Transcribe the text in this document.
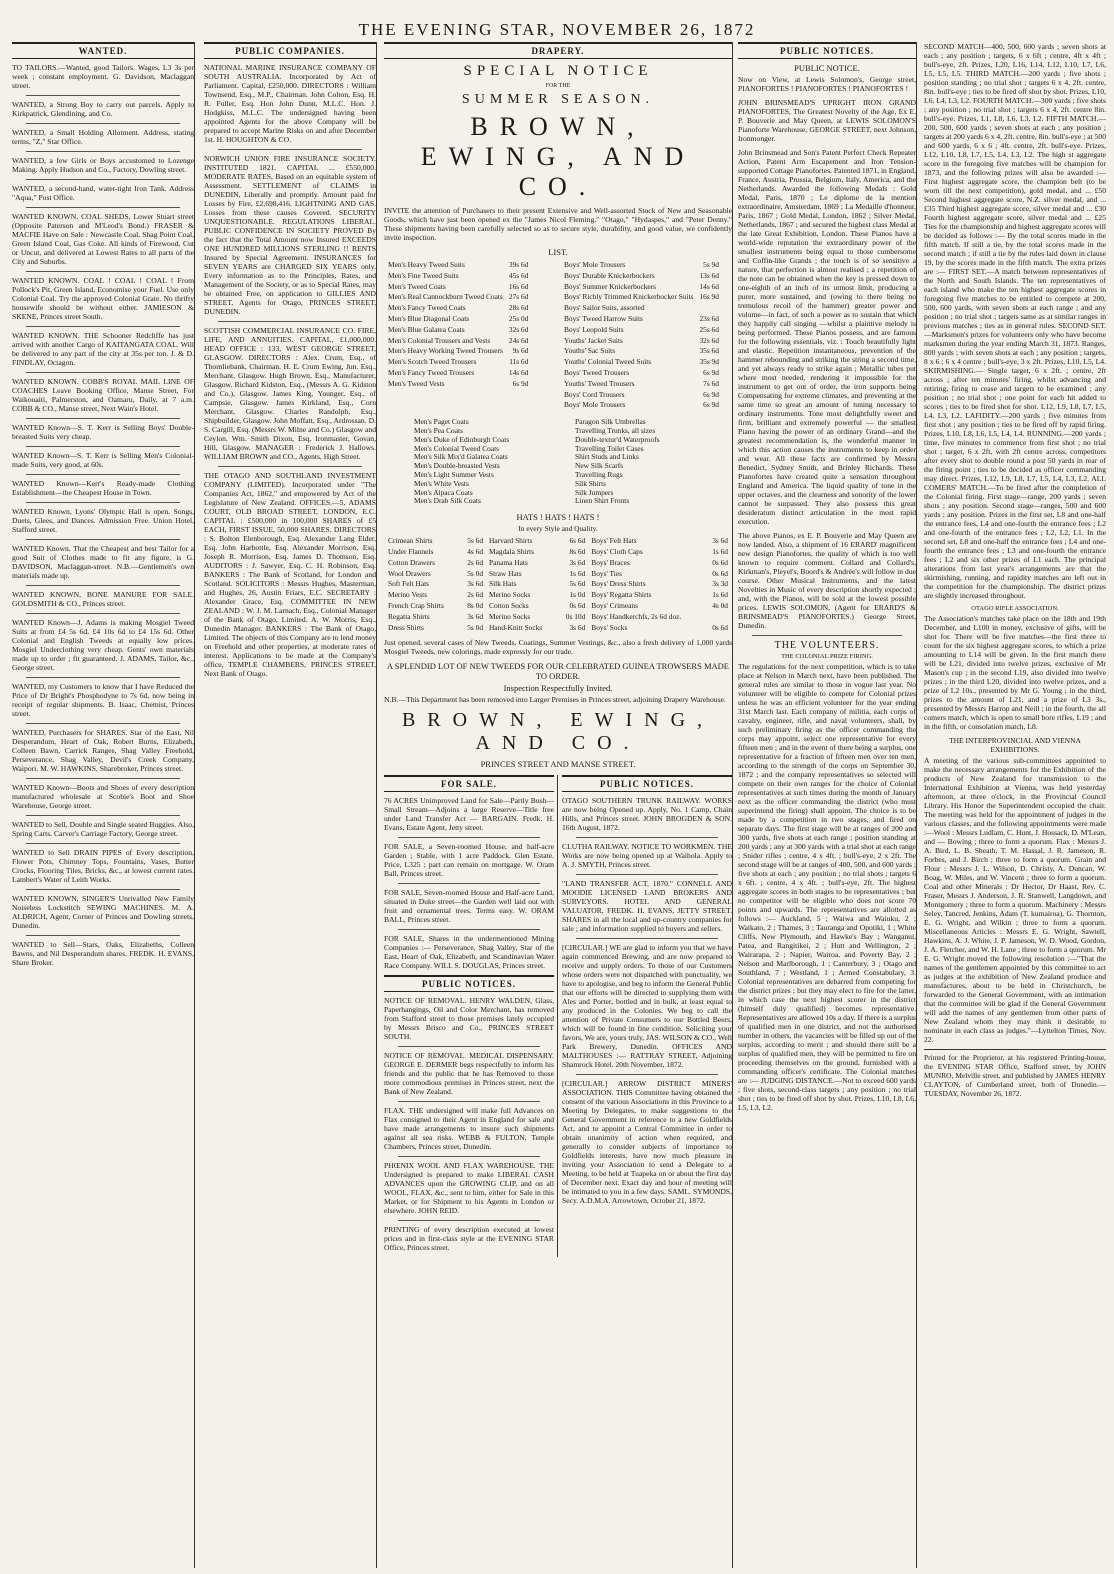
THE EVENING STAR, NOVEMBER 26, 1872
WANTED.
TO TAILORS.—Wanted, good Tailors. Wages, L3 3s per week ; constant employment. G. Davidson, Maclaggan street.
WANTED, a Strong Boy to carry out parcels. Apply to Kirkpatrick, Glendining, and Co.
WANTED, a Small Holding Allotment. Address, stating terms, "Z," Star Office.
WANTED, a few Girls or Boys accustomed to Lozenge Making. Apply Hudson and Co., Factory, Dowling street.
WANTED, a second-hand, water-tight Iron Tank. Address "Aqua," Post Office.
WANTED KNOWN. COAL SHEDS, Lower Stuart street (Opposite Paterson and M'Leod's Bond.) FRASER & MACFIE Have on Sale : Newcastle Coal, Shag Point Coal, Green Island Coal, Gas Coke. All kinds of Firewood, Cut or Uncut, and delivered at Lowest Rates to all parts of the City and Suburbs.
WANTED KNOWN. COAL ! COAL ! COAL ! From Pollock's Pit, Green Island, Economise your Fuel. Use only Colonial Coal. Try the approved Colonial Grate. No thrifty housewife should be without either. JAMIESON & SKENE, Princes street South.
WANTED KNOWN. THE Schooner Redcliffe has just arrived with another Cargo of KAITANGATA COAL. Will be delivered to any part of the city at 35s per ton. J. & D. FINDLAY, Octagon.
WANTED KNOWN. COBB'S ROYAL MAIL LINE OF COACHES Leave Booking Office, Manse Street, For Waikouaiti, Palmerston, and Oamaru, Daily, at 7 a.m. COBB & CO., Manse street, Next Wain's Hotel.
WANTED Known—S. T. Kerr is Selling Boys' Double-breasted Suits very cheap.
WANTED Known—S. T. Kerr is Selling Men's Colonial-made Suits, very good, at 60s.
WANTED Known—Kerr's Ready-made Clothing Establishment—the Cheapest House in Town.
WANTED Known, Lyons' Olympic Hall is open. Songs, Duets, Glees, and Dances. Admission Free. Union Hotel, Stafford street.
WANTED Known. That the Cheapest and best Tailor for a good Suit of Clothes made to fit any figure, is G. DAVIDSON, Maclaggan-street. N.B.—Gentlemen's own materials made up.
WANTED KNOWN, BONE MANURE FOR SALE. GOLDSMITH & CO., Princes street.
WANTED Known—J. Adams is making Mosgiel Tweed Suits at from £4 5s 6d, £4 10s 6d to £4 15s 6d. Other Colonial and English Tweeds at equally low prices. Mosgiel Underclothing very cheap. Gents' own materials made up to order ; fit guaranteed. J. ADAMS, Tailor, &c., George street.
WANTED, my Customers to know that I have Reduced the Price of Dr Bright's Phosphodyne to 7s 6d, now being in receipt of regular shipments. B. Isaac, Chemist, Princes street.
WANTED, Purchasers for SHARES. Star of the East, Nil Desperandum, Heart of Oak, Robert Burns, Elizabeth, Colleen Bawn, Carrick Ranges, Shag Valley Freehold, Perseverance, Shag Valley, Devil's Creek Company, Waipori. M. W. HAWKINS, Sharebroker, Princes street.
WANTED Known—Boots and Shoes of every description manufactured wholesale at Scobie's Boot and Shoe Warehouse, George street.
WANTED to Sell, Double and Single seated Buggies. Also, Spring Carts. Carver's Carriage Factory, George street.
WANTED to Sell DRAIN PIPES of Every description, Flower Pots, Chimney Tops, Fountains, Vases, Butter Crocks, Flooring Tiles, Bricks, &c., at lowest current rates. Lambert's Water of Leith Works.
WANTED KNOWN, SINGER'S Unrivalled New Family Noiseless Lockstitch SEWING MACHINES. M. A. ALDRICH, Agent, Corner of Princes and Dowling streets, Dunedin.
WANTED to Sell—Stars, Oaks, Elizabeths, Colleen Bawns, and Nil Desperandum shares. FREDK. H. EVANS, Share Broker.
PUBLIC COMPANIES.
NATIONAL MARINE INSURANCE COMPANY OF SOUTH AUSTRALIA. Incorporated by Act of Parliament. Capital, £250,000. DIRECTORS : William Townsend, Esq., M.P., Chairman. John Colton, Esq. H. R. Fuller, Esq. Hon John Dunn, M.L.C. Hon. J. Hodgkiss, M.L.C. The undersigned having been appointed Agents for the above Company will be prepared to accept Marine Risks on and after December 1st. H. HOUGHTON & CO.
NORWICH UNION FIRE INSURANCE SOCIETY. INSTITUTED 1821. CAPITAL ... £550,000. MODERATE RATES, Based on an equitable system of Assessment. SETTLEMENT of CLAIMS in DUNEDIN, Liberally and promptly. Amount paid for Losses by Fire, £2,698,416. LIGHTNING AND GAS. Losses from these causes Covered. SECURITY UNQUESTIONABLE. REGULATIONS LIBERAL. PUBLIC CONFIDENCE IN SOCIETY PROVED By the fact that the Total Amount now Insured EXCEEDS ONE HUNDRED MILLIONS STERLING !! RENTS Insured by Special Agreement. INSURANCES for SEVEN YEARS are CHARGED SIX YEARS only. Every information as to the Principles, Rates, and Management of the Society, or as to Special Rates, may be obtained Free, on application to GILLIES AND STREET, Agents for Otago, PRINCES STREET, DUNEDIN.
SCOTTISH COMMERCIAL INSURANCE CO. FIRE, LIFE, AND ANNUITIES. CAPITAL, £1,000,000. HEAD OFFICE : 133, WEST GEORGE STREET, GLASGOW. DIRECTORS : Alex. Crum, Esq., of Thornliebank, Chairman. H. E. Crum Ewing, Jun. Esq., Merchant, Glasgow. Hugh Brown, Esq., Manufacturer, Glasgow. Richard Kidston, Esq., (Messrs A. G. Kidston and Co.), Glasgow. James King, Younger, Esq., of Campsie, Glasgow. James Kirkland, Esq., Corn Merchant, Glasgow. Charles Randolph, Esq., Shipbuilder, Glasgow. John Moffatt, Esq., Ardrossan. D. S. Cargill, Esq. (Messrs W. Milne and Co.) Glasgow and Ceylon. Wm. Smith Dixon, Esq, Ironmaster, Govan, Hill, Glasgow. MANAGER : Frederick J. Hallows. WILLIAM BROWN and CO., Agents, High Street.
THE OTAGO AND SOUTHLAND INVESTMENT COMPANY (LIMITED). Incorporated under "The Companies Act, 1862," and empowered by Act of the Legislature of New Zealand. OFFICES.—5, ADAMS COURT, OLD BROAD STREET, LONDON, E.C. CAPITAL : £500,000 in 100,000 SHARES of £5 EACH, FIRST ISSUE, 50,000 SHARES. DIRECTORS : S. Bolton Elenborough, Esq. Alexander Lang Elder, Esq. John Harbottle, Esq. Alexander Morrison, Esq. Joseph R. Morrison, Esq. James D. Thomson, Esq. AUDITORS : J. Sawyer, Esq. C. H. Robinson, Esq. BANKERS : The Bank of Scotland, for London and Scotland. SOLICITORS : Messrs Hughes, Masterman, and Hughes, 26, Austin Friars, E.C. SECRETARY : Alexander Grace, Esq. COMMITTEE IN NEW ZEALAND : W. J. M. Larnach, Esq., Colonial Manager of the Bank of Otago, Limited. A. W. Morris, Esq., Dunedin Manager. BANKERS : The Bank of Otago, Limited. The objects of this Company are to lend money on Freehold and other properties, at moderate rates of interest. Applications to be made at the Company's office, TEMPLE CHAMBERS, PRINCES STREET, Next Bank of Otago.
DRAPERY.
SPECIAL NOTICE
FOR THE
SUMMER SEASON.
BROWN, EWING, AND CO.
INVITE the attention of Purchasers to their present Extensive and Well-assorted Stock of New and Seasonable Goods, which have just been opened ex the "James Nicol Fleming," "Otago," "Hydaspes," and "Peter Denny." These shipments having been carefully selected so as to secure style, durability, and good value, we confidently invite inspection.
LIST.
Men's Heavy Tweed Suits	39s 6d
Men's Fine Tweed Suits	45s 6d
Men's Tweed Coats	16s 6d
Men's Real Cannockburn Tweed Coats	27s 6d
Men's Fancy Tweed Coats	28s 6d
Men's Blue Diagonal Coats	25s 0d
Men's Blue Galatea Coats	32s 6d
Men's Colonial Trousers and Vests	24s 6d
Men's Heavy Working Tweed Trousers	9s 6d
Men's Scotch Tweed Trousers	11s 6d
Men's Fancy Tweed Trousers	14s 6d
Men's Tweed Vests	6s 9d
Boys' Mole Trousers	5s 9d
Boys' Durable Knickerbockers	13s 6d
Boys' Summer Knickerbockers	14s 6d
Boys' Richly Trimmed Knickerbocker Suits	16s 9d
Boys' Sailor Suits, assorted	
Boys' Tweed Harrow Suits	23s 6d
Boys' Leopold Suits	25s 6d
Youths' Jacket Suits	32s 6d
Youths' Sac Suits	35s 6d
Youths' Colonial Tweed Suits	35s 9d
Boys' Tweed Trousers	6s 9d
Youths' Tweed Trousers	7s 6d
Boys' Cord Trousers	6s 9d
Boys' Mole Trousers	6s 9d
Men's Paget Coats
Men's Pea Coats
Men's Duke of Edinburgh Coats
Men's Colonial Tweed Coats
Men's Silk Mix'd Galatea Coats
Men's Double-breasted Vests
Men's Light Summer Vests
Men's White Vests
Men's Alpaca Coats
Men's Drab Silk Coats
Paragon Silk Umbrellas
Travelling Trunks, all sizes
Double-textur'd Waterproofs
Travelling Toilet Cases
Shirt Studs and Links
New Silk Scarfs
Travelling Rugs
Silk Shirts
Silk Jumpers
Linen Shirt Fronts
HATS ! HATS ! HATS !
In every Style and Quality.
Crimean Shirts	5s 6d	Harvard Shirts	6s 6d	Boys' Felt Hats	3s 6d
Under Flannels	4s 6d	Magdala Shirts	8s 6d	Boys' Cloth Caps	1s 6d
Cotton Drawers	2s 6d	Panama Hats	3s 6d	Boys' Braces	0s 6d
Wool Drawers	5s 0d	Straw Hats	1s 6d	Boys' Ties	0s 6d
Soft Felt Hats	3s 6d	Silk Hats	5s 6d	Boys' Dress Shirts	3s 3d
Merino Vests	2s 6d	Merino Socks	1s 0d	Boys' Regatta Shirts	1s 6d
French Crap Shirts	8s 0d	Cotton Socks	0s 6d	Boys' Crimeans	4s 0d
Regatta Shirts	3s 6d	Merino Socks	0s 10d	Boys' Handkerchfs, 2s 6d doz.	
Dress Shirts	5s 0d	Hand-Knitt Socks	3s 6d	Boys' Socks	0s 6d
Just opened, several cases of New Tweeds, Coatings, Summer Vestings, &c., also a fresh delivery of 1,000 yards Mosgiel Tweeds, new colorings, made expressly for our trade.
A SPLENDID LOT OF NEW TWEEDS FOR OUR CELEBRATED GUINEA TROWSERS MADE TO ORDER.
Inspection Respectfully Invited.
N.B.—This Department has been removed into Larger Premises in Princes street, adjoining Drapery Warehouse.
BROWN, EWING, AND CO.
PRINCES STREET AND MANSE STREET.
FOR SALE.
76 ACRES Unimproved Land for Sale—Partly Bush—Small Stream—Adjoins a large Reserve—Title free under Land Transfer Act — BARGAIN. Fredk. H. Evans, Estate Agent, Jetty street.
FOR SALE, a Seven-roomed House, and half-acre Garden ; Stable, with 1 acre Paddock. Glen Estate. Price, L325 ; part can remain on mortgage. W. Oram Ball, Princes street.
FOR SALE, Seven-roomed House and Half-acre Land, situated in Duke street—the Garden well laid out with fruit and ornamental trees. Terms easy. W. ORAM BALL, Princes street.
FOR SALE, Shares in the undermentioned Mining Companies :— Perseverance, Shag Valley, Star of the East, Heart of Oak, Elizabeth, and Scandinavian Water Race Company. WILL S. DOUGLAS, Princes street.
PUBLIC NOTICES.
NOTICE OF REMOVAL. HENRY WALDEN, Glass, Paperhangings, Oil and Color Merchant, has removed from Stafford street to those premises lately occupied by Messrs Brisco and Co., PRINCES STREET SOUTH.
NOTICE OF REMOVAL. MEDICAL DISPENSARY. GEORGE E. DERMER begs respectfully to inform his friends and the public that he has Removed to those more commodious premises in Princes street, next the Bank of New Zealand.
FLAX. THE undersigned will make full Advances on Flax consigned to their Agent in England for sale and have made arrangements to insure such shipments against all sea risks. WEBB & FULTON, Temple Chambers, Princes street, Dunedin.
PHŒNIX WOOL AND FLAX WAREHOUSE. THE Undersigned is prepared to make LIBERAL CASH ADVANCES upon the GROWING CLIP, and on all WOOL, FLAX, &c., sent to him, either for Sale in this Market, or for Shipment to his Agents in London or elsewhere. JOHN REID.
PRINTING of every description executed at lowest prices and in first-class style at the EVENING STAR Office, Princes street.
PUBLIC NOTICES.
OTAGO SOUTHERN TRUNK RAILWAY. WORKS are now being Opened up. Apply, No. 1 Camp, Chain Hills, and Princes street. JOHN BROGDEN & SON. 16th August, 1872.
CLUTHA RAILWAY. NOTICE TO WORKMEN. THE Works are now being opened up at Waihola. Apply to A. J. SMYTH, Princes street.
"LAND TRANSFER ACT, 1870." CONNELL AND MOODIE LICENSED LAND BROKERS AND SURVEYORS. HOTEL AND GENERAL VALUATOR, FREDK. H. EVANS, JETTY STREET. SHARES in all the local and up-country companies for sale ; and information supplied to buyers and sellers.
[CIRCULAR.] WE are glad to inform you that we have again commenced Brewing, and are now prepared to receive and supply orders. To those of our Customers whose orders were not dispatched with punctuality, we have to apologise, and beg to inform the General Public that our efforts will be directed to supplying them with Ales and Porter, bottled and in bulk, at least equal to any produced in the Colonies. We beg to call the attention of Private Consumers to our Bottled Beers, which will be found in fine condition. Soliciting your favors, We are, yours truly, JAS. WILSON & CO., Well Park Brewery, Dunedin. OFFICES AND MALTHOUSES :— RATTRAY STREET, Adjoining Shamrock Hotel. 20th November, 1872.
[CIRCULAR.] ARROW DISTRICT MINERS' ASSOCIATION. THIS Committee having obtained the consent of the various Associations in this Province to a Meeting by Delegates, to make suggestions to the General Government in reference to a new Goldfields Act, and to appoint a Central Committee in order to obtain unanimity of action when required, and generally to consider subjects of importance to Goldfields interests, have now much pleasure in inviting your Association to send a Delegate to a Meeting, to be held at Tuapeka on or about the first day of December next. Exact day and hour of meeting will be intimated to you in a few days. SAML. SYMONDS, Secy. A.D.M.A. Arrowtown, October 21, 1872.
PUBLIC NOTICES.
PUBLIC NOTICE.
Now on View, at Lewis Solomon's, George street, PIANOFORTES ! PIANOFORTES ! PIANOFORTES !
JOHN BRINSMEAD'S UPRIGHT IRON GRAND PIANOFORTES, The Greatest Novelty of the Age, Ex E. P. Bouverie and May Queen, at LEWIS SOLOMON'S Pianoforte Warehouse, GEORGE STREET, next Johnson, Ironmonger.
John Brinsmead and Son's Patent Perfect Check Repeater Action, Patent Arm Escapement and Iron Tension-supported Cottage Pianofortes. Patented 1871, in England, France, Austria, Prussia, Belgium, Italy, America, and the Netherlands. Awarded the following Medals : Gold Medal, Paris, 1870 ; Le diplome de la mention extraordinaire, Amsterdam, 1869 ; La Medaille d'honneur, Paris, 1867 ; Gold Medal, London, 1862 ; Silver Medal, Netherlands, 1867 ; and secured the highest class Medal at the late Great Exhibition, London. These Pianos have a world-wide reputation the extraordinary power of the smallest instruments being equal to those cumbersome and Coffin-like Grands ; the touch is of so sensitive a nature, that perfection is almost realised ; a repetition of the note can be obtained when the key is pressed down to one-eighth of an inch of its utmost limit, producing a purer, more sustained, and (owing to there being no tremulous recoil of the hammer) greater power and volume—in fact, of such a power as to sustain that which they happily call singing —whilst a plaintive melody is being performed. These Pianos possess, and are famous for the following essentials, viz. : Touch beautifully light and elastic. Repetition instantaneous, prevention of the hammer rebounding and striking the string a second time, and yet always ready to strike again ; Metallic tubes put where most needed, rendering it impossible for the instrument to get out of order, the iron supports being Compensating for extreme climates, and preventing at the same time so great an amount of tuning necessary to ordinary instruments. Tone most delightfully sweet and firm, brilliant and extremely powerful — the smallest Piano having the power of an ordinary Grand—and the greatest recommendation is, the wonderful manner in which this action causes the instruments to keep in order and wear. All these facts are confirmed by Messrs Benedict, Sydney Smith, and Brinley Richards. These Pianofortes have created quite a sensation throughout England and America. The liquid quality of tone in the upper octaves, and the clearness and sonority of the lower cannot be surpassed. They also possess this great desideratum distinct articulation in the most rapid execution.
The above Pianos, ex E. P. Bouverie and May Queen are now landed. Also, a shipment of 16 ERARD' magnificent new design Pianofortes, the quality of which is too well known to require comment. Collard and Collard's, Kirkman's, Pleyel's, Boord's & Andrée's will follow in due course. Other Musical Instruments, and the latest Novelties in Music of every description shortly expected ; and, with the Pianos, will be sold at the lowest possible prices. LEWIS SOLOMON, (Agent for ERARD'S & BRINSMEAD'S PIANOFORTES.) George Street, Dunedin.
THE VOLUNTEERS.
THE COLONIAL PRIZE FIRING.
The regulations for the next competition, which is to take place at Nelson in March next, have been published. The general rules are similar to those in vogue last year. No volunteer will be eligible to compete for Colonial prizes unless he was an efficient volunteer for the year ending 31st March last. Each company of militia, each corps of cavalry, engineer, rifle, and naval volunteers, shall, by such preliminary firing as the officer commanding the corps may appoint, select one representative for every fifteen men ; and in the event of there being a surplus, one representative for a fraction of fifteen men over ten men, according to the strength of the corps on September 30, 1872 ; and the company representatives so selected will compete on their own ranges for the choice of Colonial representatives at such times during the month of January next as the officer commanding the district (who must superintend the firing) shall appoint. The choice is to be made by a competition in two stages, and fired on separate days. The first stage will be at ranges of 200 and 300 yards, five shots at each range ; position standing at 200 yards ; any at 300 yards with a trial shot at each range ; Snider rifles ; centre, 4 x 4ft. ; bull's-eye, 2 x 2ft. The second stage will be at ranges of 400, 500, and 600 yards ; five shots at each ; any position ; no trial shots ; targets 6 x 6ft. ; centre, 4 x 4ft. ; bull's-eye, 2ft. The highest aggregate scores in both stages to be representatives ; but no competitor will be eligible who does not score 70 points and upwards. The representatives are allotted as follows :— Auckland, 5 ; Waiwa and Waiuku, 2 ; Waikato, 2 ; Thames, 3 ; Tauranga and Opotiki, 1 ; White Cliffs, New Plymouth, and Hawke's Bay ; Wanganui, Patea, and Rangitikei, 2 ; Hutt and Wellington, 2 ; Wairarapa, 2 ; Napier, Wairoa, and Poverty Bay, 2 ; Nelson and Marlborough, 1 ; Canterbury, 3 ; Otago and Southland, 7 ; Westland, 1 ; Armed Constabulary, 3. Colonial representatives are debarred from competing for the district prizes ; but they may elect to fire for the latter, in which case the next highest scorer in the district (himself duly qualified) becomes representative. Representatives are allowed 10s a day. If there is a surplus of qualified men in one district, and not the authorised number in others, the vacancies will be filled up out of the surplus, according to merit ; and should there still be a surplus of qualified men, they will be permitted to fire on proceeding themselves on the ground, furnished with a commanding officer's certificate. The Colonial matches are :— JUDGING DISTANCE.—Not to exceed 600 yards ; five shots, second-class targets ; any position ; no trial shot ; ties to be fired off shot by shot. Prizes, L10, L8, L6, L5, L3, L2.
SECOND MATCH—400, 500, 600 yards ; seven shots at each ; any position ; targets, 6 x 6ft ; centre, 4ft x 4ft ; bull's-eye, 2ft. Prizes, L20, L16, L14, L12, L10, L7, L6, L5, L5, L5. THIRD MATCH.—200 yards ; five shots ; position standing ; no trial shot ; targets 6 x 4, 2ft. centre, 8in. bull's-eye ; ties to be fired off shot by shot. Prizes, L10, L6, L4, L3, L2. FOURTH MATCH.—300 yards ; five shots ; any position ; no trial shot ; targets 6 x 4, 2ft. centre 8in. bull's-eye. Prizes, L1, L8, L6, L3, L2. FIFTH MATCH.—200, 500, 600 yards ; seven shots at each ; any position ; targets at 200 yards 6 x 4, 2ft. centre, 8in. bull's-eye ; at 500 and 600 yards, 6 x 6 ; 4ft. centre, 2ft. bull's-eye. Prizes, L12, L10, L8, L7, L5, L4, L3, L2. The high st aggregate score in the foregoing five matches will be champion for 1873, and the following prizes will also be awarded :— First highest aggregate score, the champion belt (to be worn till the next competition), gold medal, and ... £50 Second highest aggregate score, N.Z. silver medal, and ... £35 Third highest aggregate score, silver medal and ... £30 Fourth highest aggregate score, silver medal and ... £25 Ties for the championship and highest aggregate scores will be decided as follows :— By the total scores made in the fifth match. If still a tie, by the total scores made in the second match ; if still a tie by the rules laid down in clause 19, by the scores made in the fifth match. The extra prizes are :— FIRST SET.—A match between representatives of the North and South Islands. The ten representatives of each island who make the ten highest aggregate scores in foregoing five matches to be entitled to compete at 200, 500, 600 yards, with seven shots at each range ; and any position ; no trial shot ; targets same as at similar ranges in previous matches ; ties as in general rules. SECOND SET.—Marksmen's prizes for volunteers only who have become marksmen during the year ending March 31, 1873. Ranges, 800 yards ; with seven shots at each ; any position ; targets, 8 x 6 ; 6 x 4 centre ; bull's-eye, 3 x 2ft. Prizes, L10, L5, L4. SKIRMISHING.— Single target, 6 x 2ft. ; centre, 2ft across ; after ten minutes' firing, whilst advancing and retiring, firing to cease and targets to be examined ; any position ; no trial shot ; one point for each hit added to scores ; ties to be fired shot for shot. L12, L9, L8, L7, L5, L4, L3, L2. LAFIDITY.—200 yards ; five minutes from first shot ; any position ; ties to be fired off by rapid firing. Prizes, L10, L8, L6, L5, L4, L4. RUNNING.—200 yards ; time, five minutes to commence from first shot ; no trial shot ; target, 6 x 2ft, with 2ft centre across, competitors after every shot to double round a post 50 yards in rear of the firing point ; ties to be decided as officer commanding may direct. Prizes, L12, L9, L8, L7, L5, L4, L3, L2. ALL COMERS' MATCH.—To be fired after the completion of the Colonial firing. First stage—range, 200 yards ; seven shots ; any position. Second stage—ranges, 500 and 600 yards ; any position. Prizes in the first set, L8 and one-half the entrance fees, L4 and one-fourth the entrance fees ; L2 and one-fourth of the entrance fees ; L2, L2, L1. In the second set, L8 and one-half the entrance fees ; L4 and one-fourth the entrance fees ; L3 and one-fourth the entrance fees ; L2 and six other prizes of L1 each. The principal alterations from last year's arrangements are that the skirmishing, running, and rapidity matches are left out in the competition for the championship. The district prizes are slightly increased throughout.
OTAGO RIFLE ASSOCIATION.
The Association's matches take place on the 18th and 19th December, and L100 in money, exclusive of gifts, will be shot for. There will be five matches—the first three to count for the six highest aggregate scores, to which a prize amounting to L14 will be given. In the first match there will be L21, divided into twelve prizes, exclusive of Mr Mason's cup ; in the second L19, also divided into twelve prizes ; in the third L20, divided into twelve prizes, and a prize of L2 10s., presented by Mr G. Young ; in the third, prizes to the amount of L21, and a prize of L3 3s., presented by Messrs Harrop and Neill ; in the fourth, the all comers match, which is open to small bore rifles, L19 ; and in the fifth, or consolation match, L8.
THE INTERPROVINCIAL AND VIENNA EXHIBITIONS.
A meeting of the various sub-committees appointed to make the necessary arrangements for the Exhibition of the products of New Zealand for transmission to the International Exhibition at Vienna, was held yesterday afternoon, at three o'clock, in the Provincial Council Library. His Honor the Superintendent occupied the chair. The meeting was held for the appointment of judges in the various classes, and the following appointments were made :—Wool : Messrs Ludlam, C. Hunt, J. Hossack, D. M'Lean, and — Bowing ; three to form a quorum. Flax : Messrs J. A. Bird, L. B. Sheath, T. M. Hassal, J. R. Jameson, R. Forbes, and J. Birch ; three to form a quorum. Grain and Flour : Messrs J. L. Wilson, D. Christy, A. Duncan, W. Boag, W. Miles, and W. Vincent ; three to form a quorum. Coal and other Minerals : Dr Hector, Dr Haast, Rev. C. Fraser, Messrs J. Anderson, J. R. Stanwell, Langdown, and Montgomery ; three to form a quorum. Machinery : Messrs Seley, Tancred, Jenkins, Adam (T. kumairoa), G. Thornton, E. G. Wright, and Wilkin ; three to form a quorum. Miscellaneous Articles : Messrs E. G. Wright, Sawtell, Hawkins, A. J. White, J. P. Jameson, W. D. Wood, Gordon, J. A. Fletcher, and W. H. Lane ; three to form a quorum. Mr E. G. Wright moved the following resolution :—"That the names of the gentlemen appointed by this committee to act as judges at the exhibition of New Zealand produce and manufactures, about to be held in Christchurch, be forwarded to the General Government, with an intimation that the committee will be glad if the General Government will add the names of any gentlemen from other parts of New Zealand whom they may think it desirable to nominate in each class as judges."—Lyttelton Times, Nov. 22.
Printed for the Proprietor, at his registered Printing-house, the EVENING STAR Office, Stafford street, by JOHN MUNRO, Melville street, and published by JAMES HENRY CLAYTON, of Cumberland street, both of Dunedin.—TUESDAY, November 26, 1872.
